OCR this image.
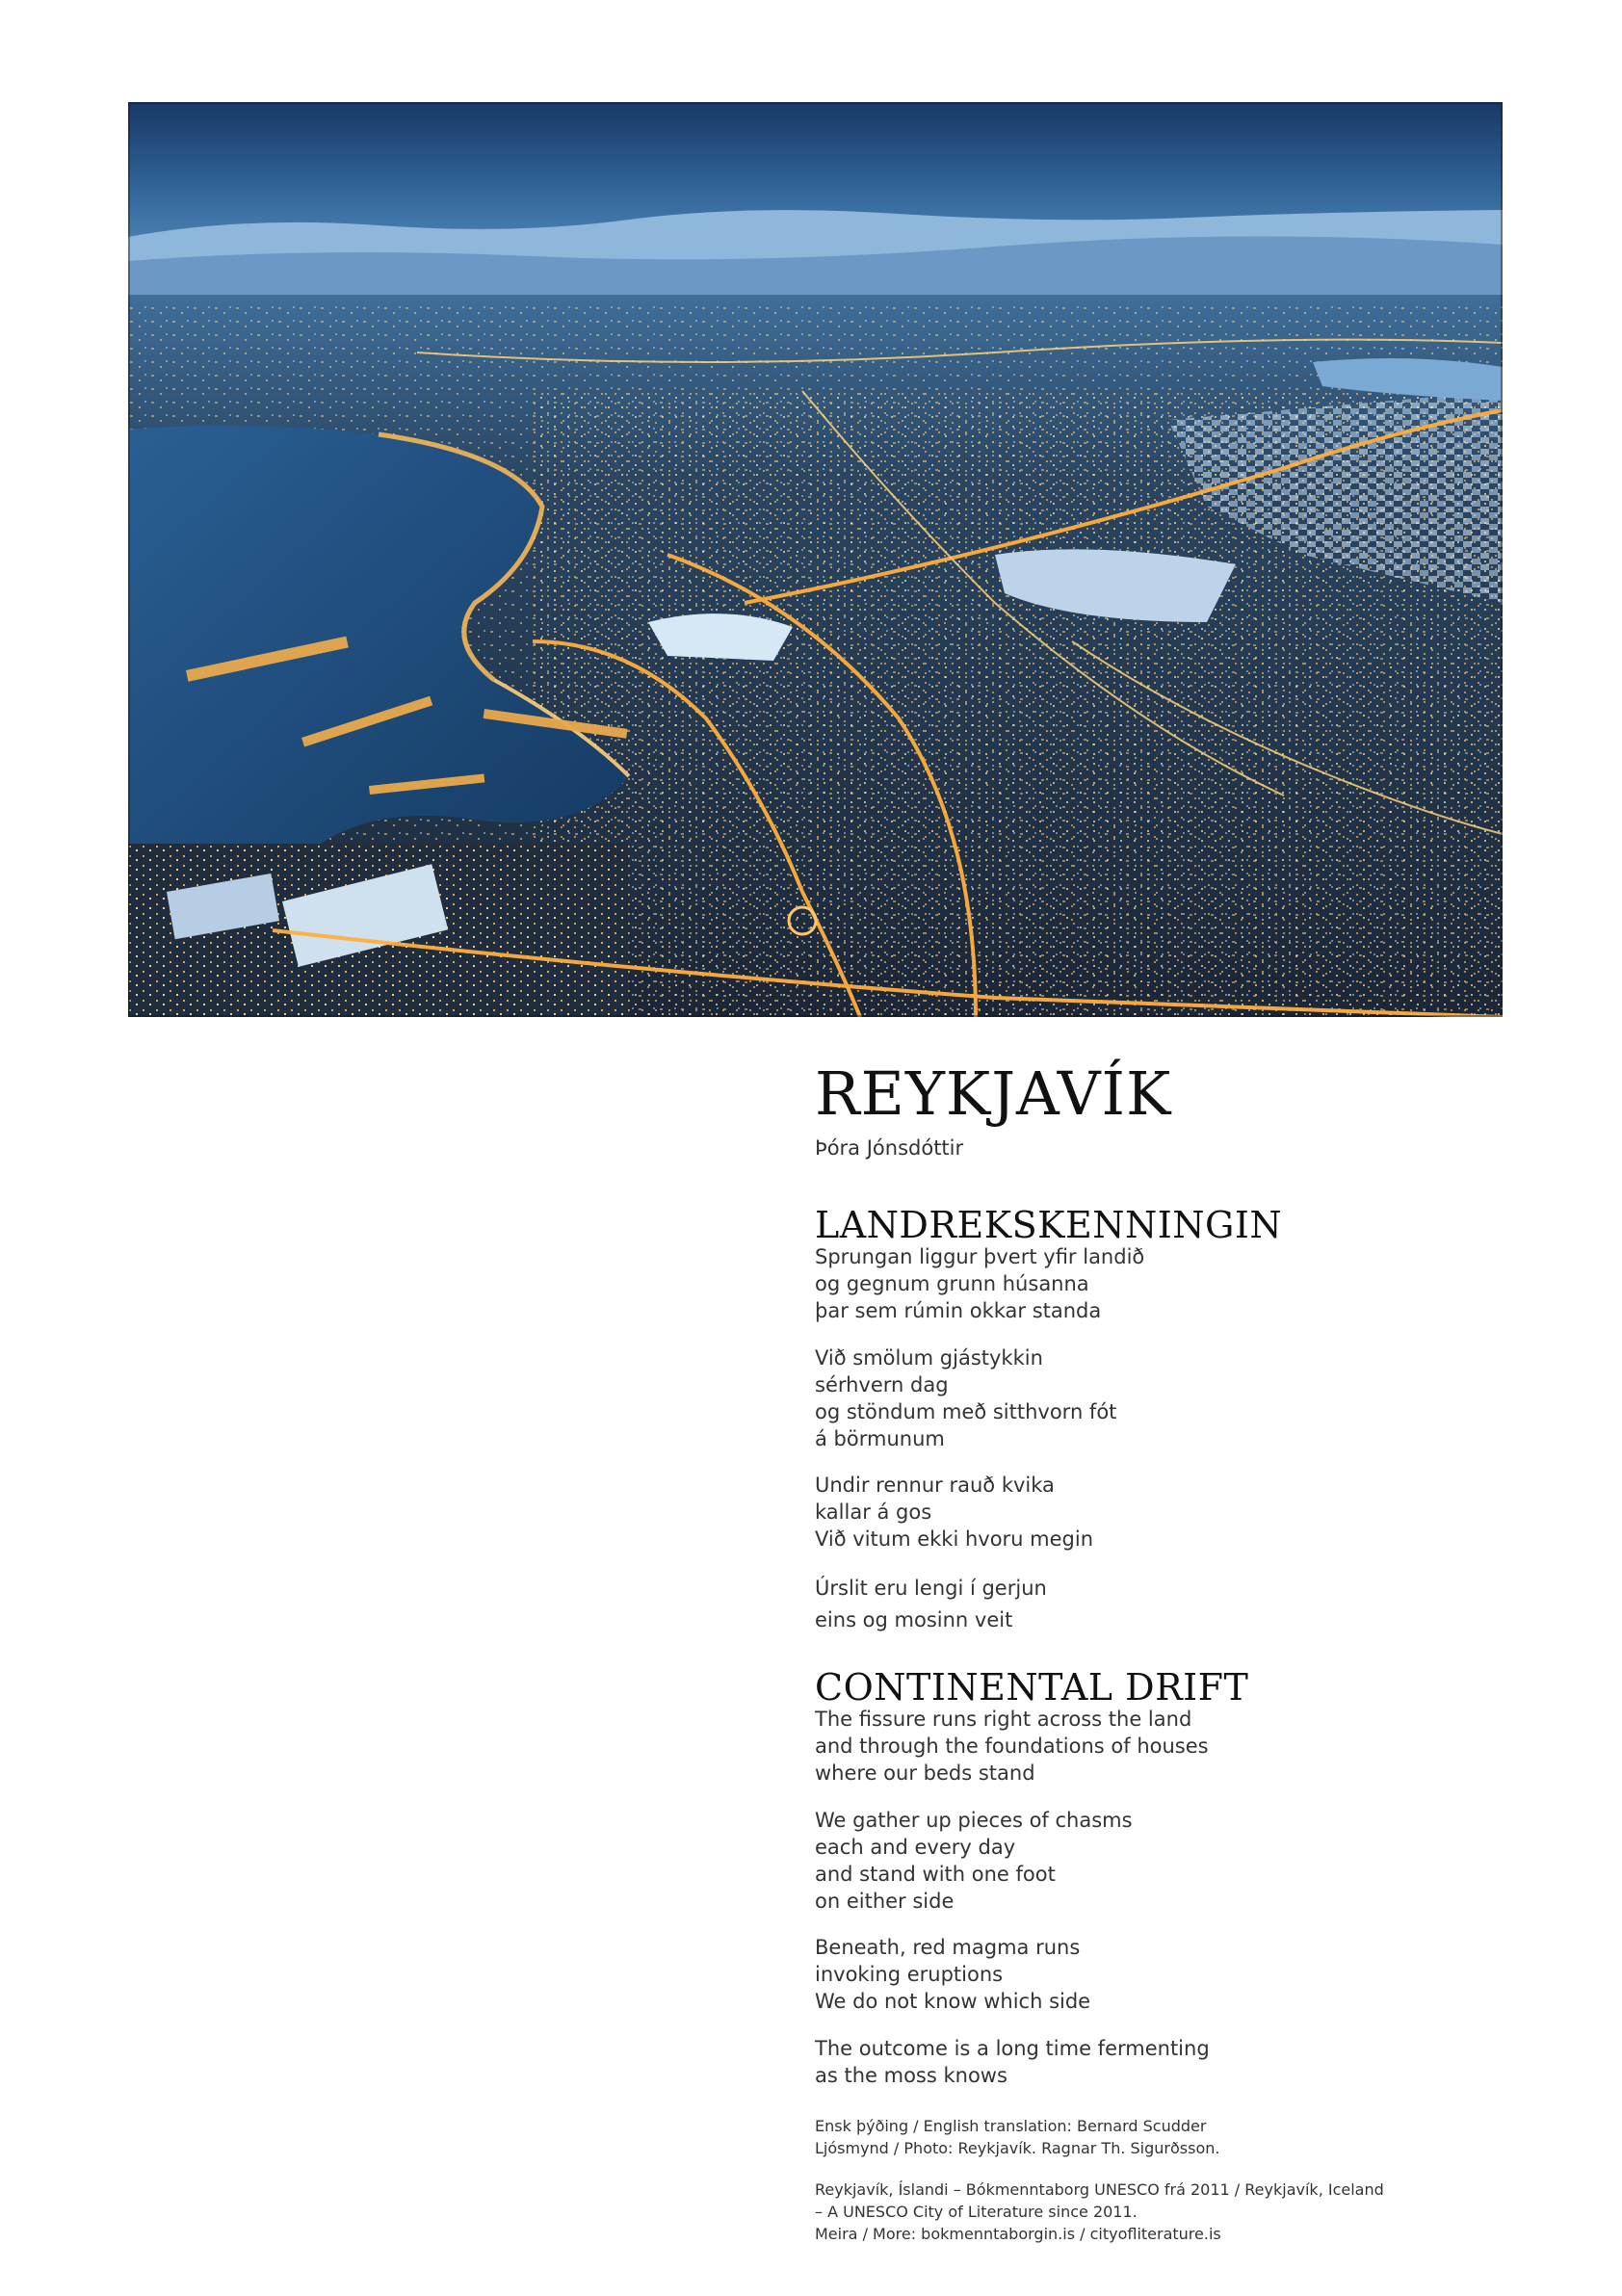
REYKJAVÍK
Þóra Jónsdóttir
LANDREKSKENNINGIN
Sprungan liggur þvert yfir landið
og gegnum grunn húsanna
þar sem rúmin okkar standa
Við smölum gjástykkin
sérhvern dag
og stöndum með sitthvorn fót
á börmunum
Undir rennur rauð kvika
kallar á gos
Við vitum ekki hvoru megin
Úrslit eru lengi í gerjun
eins og mosinn veit
CONTINENTAL DRIFT
The fissure runs right across the land
and through the foundations of houses
where our beds stand
We gather up pieces of chasms
each and every day
and stand with one foot
on either side
Beneath, red magma runs
invoking eruptions
We do not know which side
The outcome is a long time fermenting
as the moss knows
Ensk þýðing / English translation: Bernard Scudder
Ljósmynd / Photo: Reykjavík. Ragnar Th. Sigurðsson.
Reykjavík, Íslandi – Bókmenntaborg UNESCO frá 2011 / Reykjavík, Iceland
– A UNESCO City of Literature since 2011.
Meira / More: bokmenntaborgin.is / cityofliterature.is
